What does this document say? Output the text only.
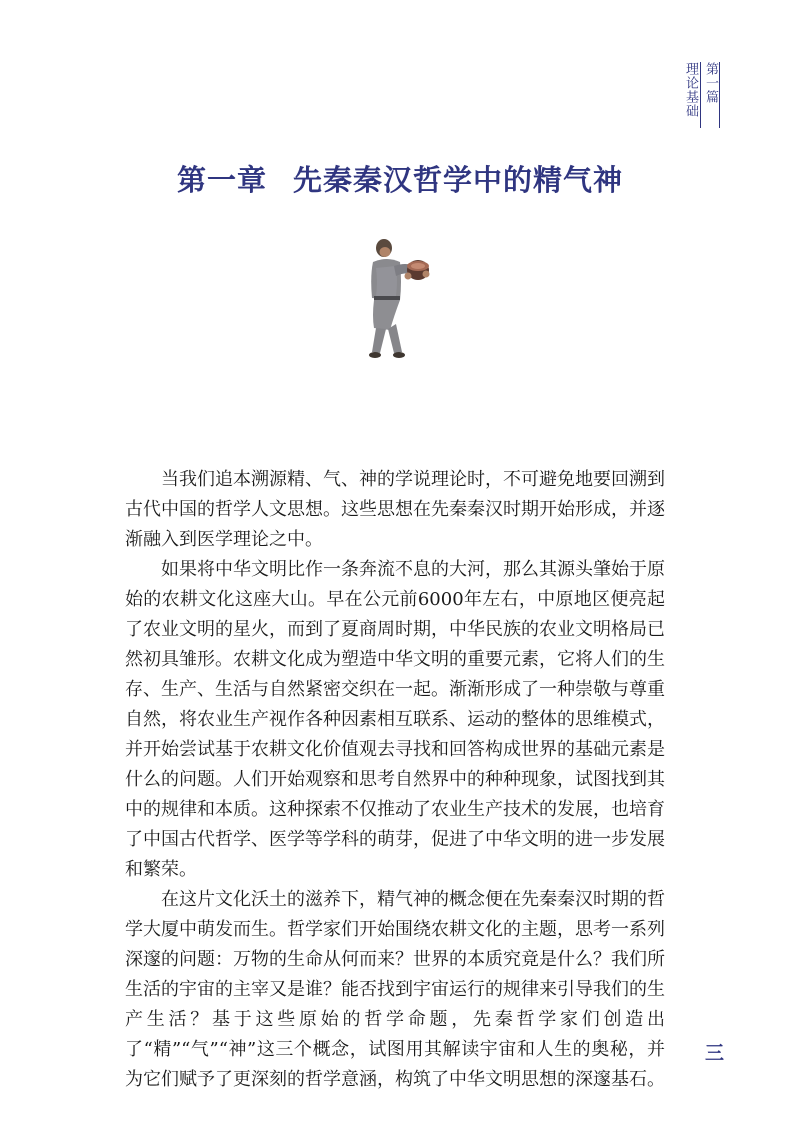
第一篇
理论基础
第一章 先秦秦汉哲学中的精气神

当我们追本溯源精、气、神的学说理论时，不可避免地要回溯到古代中国的哲学人文思想。这些思想在先秦秦汉时期开始形成，并逐渐融入到医学理论之中。

如果将中华文明比作一条奔流不息的大河，那么其源头肇始于原始的农耕文化这座大山。早在公元前6000年左右，中原地区便亮起了农业文明的星火，而到了夏商周时期，中华民族的农业文明格局已然初具雏形。农耕文化成为塑造中华文明的重要元素，它将人们的生存、生产、生活与自然紧密交织在一起。渐渐形成了一种崇敬与尊重自然，将农业生产视作各种因素相互联系、运动的整体的思维模式，并开始尝试基于农耕文化价值观去寻找和回答构成世界的基础元素是什么的问题。人们开始观察和思考自然界中的种种现象，试图找到其中的规律和本质。这种探索不仅推动了农业生产技术的发展，也培育了中国古代哲学、医学等学科的萌芽，促进了中华文明的进一步发展和繁荣。

在这片文化沃土的滋养下，精气神的概念便在先秦秦汉时期的哲学大厦中萌发而生。哲学家们开始围绕农耕文化的主题，思考一系列深邃的问题：万物的生命从何而来？世界的本质究竟是什么？我们所生活的宇宙的主宰又是谁？能否找到宇宙运行的规律来引导我们的生产生活？基于这些原始的哲学命题，先秦哲学家们创造出了“精”“气”“神”这三个概念，试图用其解读宇宙和人生的奥秘，并为它们赋予了更深刻的哲学意涵，构筑了中华文明思想的深邃基石。

三
